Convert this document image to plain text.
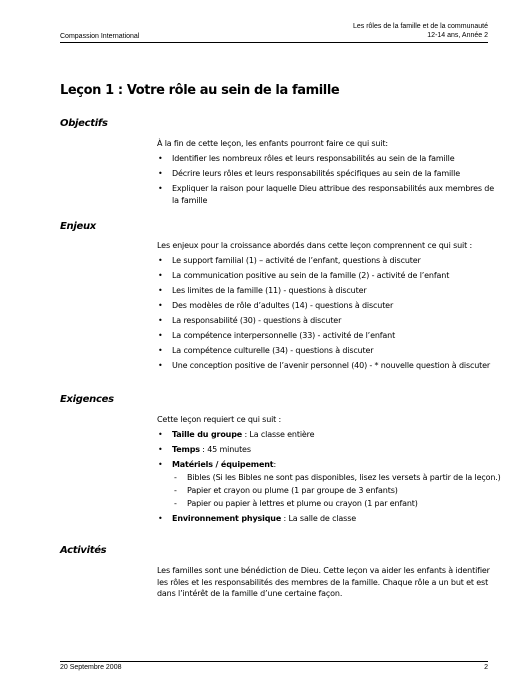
Compassion International
Les rôles de la famille et de la communauté
12-14 ans, Année 2
Leçon 1 : Votre rôle au sein de la famille
Objectifs

À la fin de cette leçon, les enfants pourront faire ce qui suit:

• Identifier les nombreux rôles et leurs responsabilités au sein de la famille
• Décrire leurs rôles et leurs responsabilités spécifiques au sein de la famille
• Expliquer la raison pour laquelle Dieu attribue des responsabilités aux membres de la famille
Enjeux

Les enjeux pour la croissance abordés dans cette leçon comprennent ce qui suit :

• Le support familial (1) – activité de l’enfant, questions à discuter
• La communication positive au sein de la famille (2) - activité de l’enfant
• Les limites de la famille (11) - questions à discuter
• Des modèles de rôle d’adultes (14) - questions à discuter
• La responsabilité (30) - questions à discuter
• La compétence interpersonnelle (33) - activité de l’enfant
• La compétence culturelle (34) - questions à discuter
• Une conception positive de l’avenir personnel (40) - * nouvelle question à discuter
Exigences

Cette leçon requiert ce qui suit :

• Taille du groupe : La classe entière
• Temps : 45 minutes
• Matériels / équipement:
- Bibles (Si les Bibles ne sont pas disponibles, lisez les versets à partir de la leçon.)
- Papier et crayon ou plume (1 par groupe de 3 enfants)
- Papier ou papier à lettres et plume ou crayon (1 par enfant)
• Environnement physique : La salle de classe
Activités

Les familles sont une bénédiction de Dieu. Cette leçon va aider les enfants à identifier les rôles et les responsabilités des membres de la famille. Chaque rôle a un but et est dans l’intérêt de la famille d’une certaine façon.

20 Septembre 2008	2
